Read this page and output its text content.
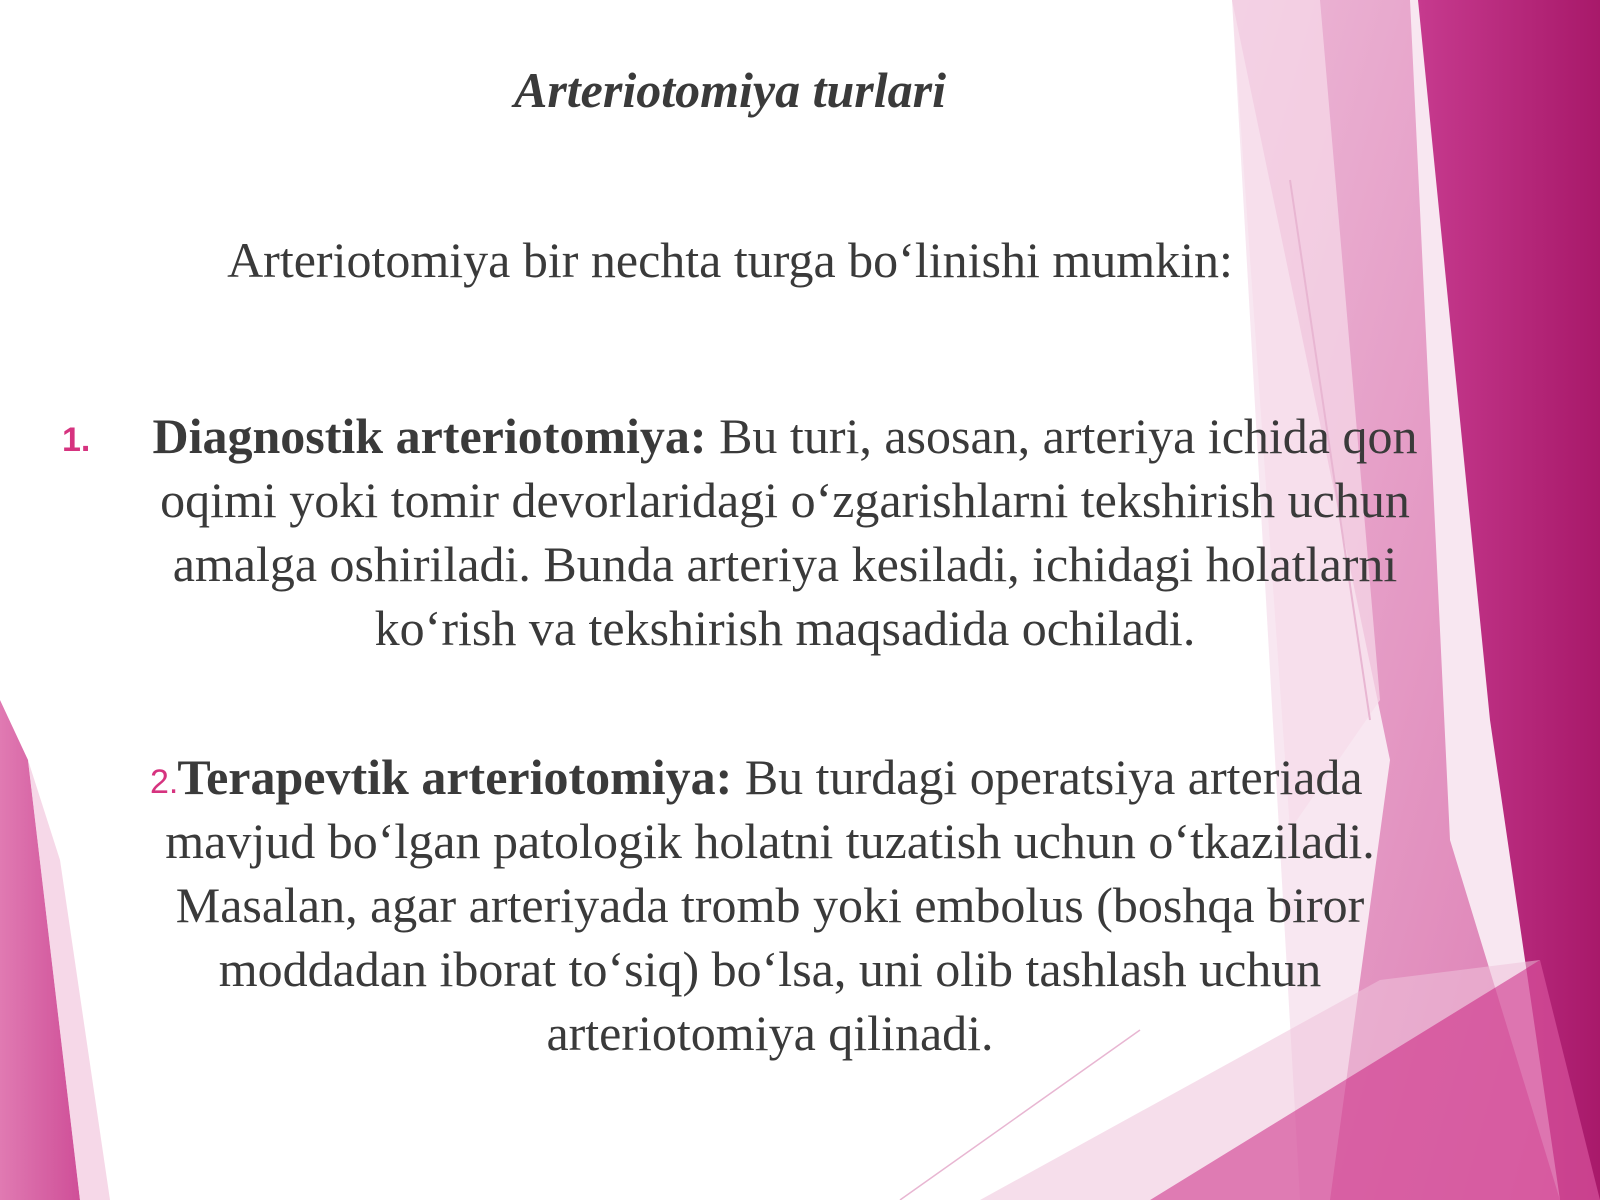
Arteriotomiya turlari
Arteriotomiya bir nechta turga bo‘linishi mumkin:
1.	Diagnostik arteriotomiya: Bu turi, asosan, arteriya ichida qon oqimi yoki tomir devorlaridagi o‘zgarishlarni tekshirish uchun amalga oshiriladi. Bunda arteriya kesiladi, ichidagi holatlarni ko‘rish va tekshirish maqsadida ochiladi.
2. Terapevtik arteriotomiya: Bu turdagi operatsiya arteriada mavjud bo‘lgan patologik holatni tuzatish uchun o‘tkaziladi. Masalan, agar arteriyada tromb yoki embolus (boshqa biror moddadan iborat to‘siq) bo‘lsa, uni olib tashlash uchun arteriotomiya qilinadi.
